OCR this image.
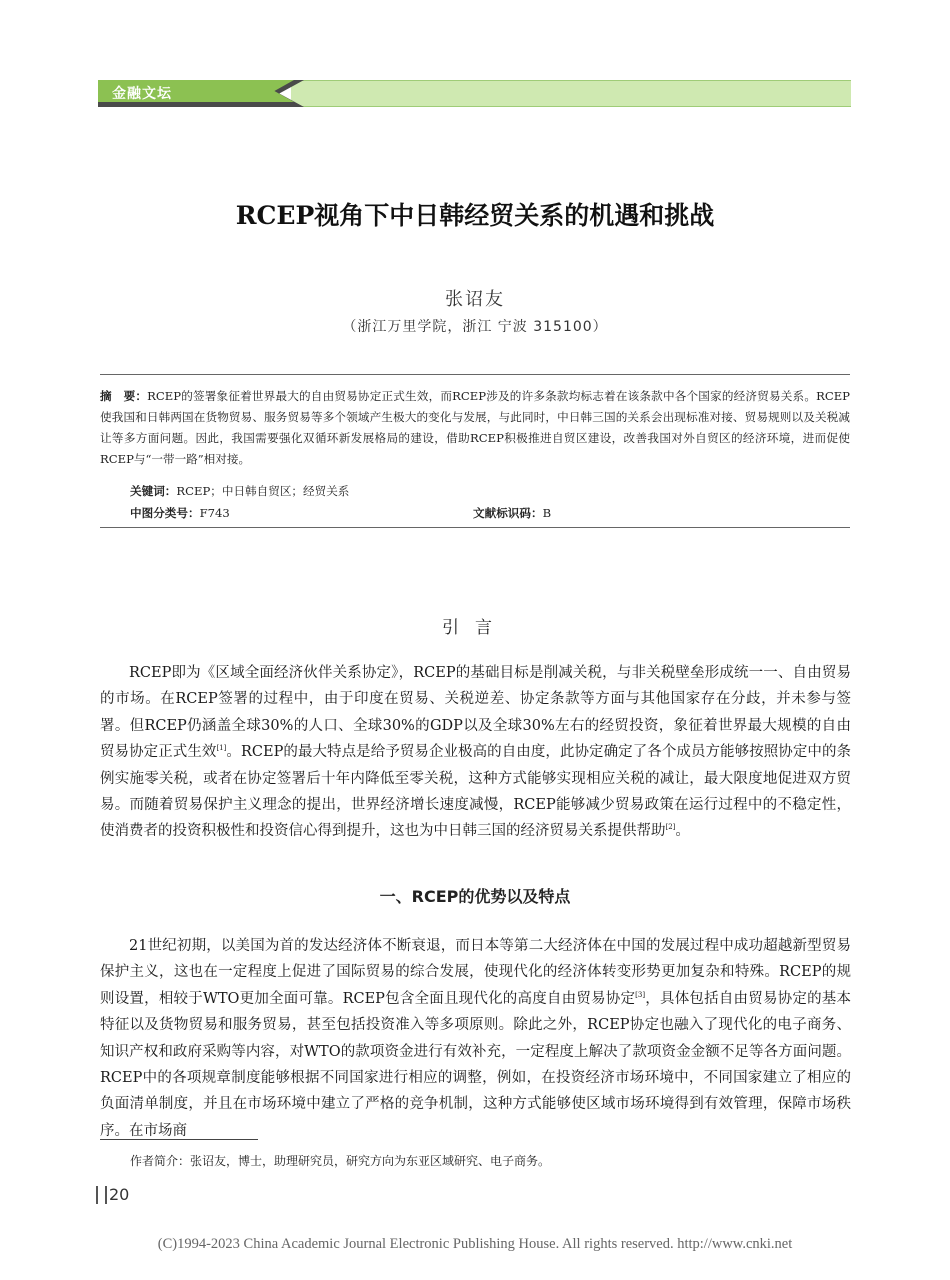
金融文坛
RCEP视角下中日韩经贸关系的机遇和挑战
张诏友
（浙江万里学院，浙江 宁波 315100）
摘　要：RCEP的签署象征着世界最大的自由贸易协定正式生效，而RCEP涉及的许多条款均标志着在该条款中各个国家的经济贸易关系。RCEP使我国和日韩两国在货物贸易、服务贸易等多个领域产生极大的变化与发展，与此同时，中日韩三国的关系会出现标准对接、贸易规则以及关税减让等多方面问题。因此，我国需要强化双循环新发展格局的建设，借助RCEP积极推进自贸区建设，改善我国对外自贸区的经济环境，进而促使RCEP与“一带一路”相对接。
关键词：RCEP；中日韩自贸区；经贸关系
中图分类号：F743	文献标识码：B
引言

RCEP即为《区域全面经济伙伴关系协定》，RCEP的基础目标是削减关税，与非关税壁垒形成统一一、自由贸易的市场。在RCEP签署的过程中，由于印度在贸易、关税逆差、协定条款等方面与其他国家存在分歧，并未参与签署。但RCEP仍涵盖全球30%的人口、全球30%的GDP以及全球30%左右的经贸投资，象征着世界最大规模的自由贸易协定正式生效[1]。RCEP的最大特点是给予贸易企业极高的自由度，此协定确定了各个成员方能够按照协定中的条例实施零关税，或者在协定签署后十年内降低至零关税，这种方式能够实现相应关税的减让，最大限度地促进双方贸易。而随着贸易保护主义理念的提出，世界经济增长速度减慢，RCEP能够减少贸易政策在运行过程中的不稳定性，使消费者的投资积极性和投资信心得到提升，这也为中日韩三国的经济贸易关系提供帮助[2]。

一、RCEP的优势以及特点

21世纪初期，以美国为首的发达经济体不断衰退，而日本等第二大经济体在中国的发展过程中成功超越新型贸易保护主义，这也在一定程度上促进了国际贸易的综合发展，使现代化的经济体转变形势更加复杂和特殊。RCEP的规则设置，相较于WTO更加全面可靠。RCEP包含全面且现代化的高度自由贸易协定[3]，具体包括自由贸易协定的基本特征以及货物贸易和服务贸易，甚至包括投资准入等多项原则。除此之外，RCEP协定也融入了现代化的电子商务、知识产权和政府采购等内容，对WTO的款项资金进行有效补充，一定程度上解决了款项资金金额不足等各方面问题。RCEP中的各项规章制度能够根据不同国家进行相应的调整，例如，在投资经济市场环境中，不同国家建立了相应的负面清单制度，并且在市场环境中建立了严格的竞争机制，这种方式能够使区域市场环境得到有效管理，保障市场秩序。在市场商

作者简介：张诏友，博士，助理研究员，研究方向为东亚区域研究、电子商务。
20
(C)1994-2023 China Academic Journal Electronic Publishing House. All rights reserved. http://www.cnki.net
